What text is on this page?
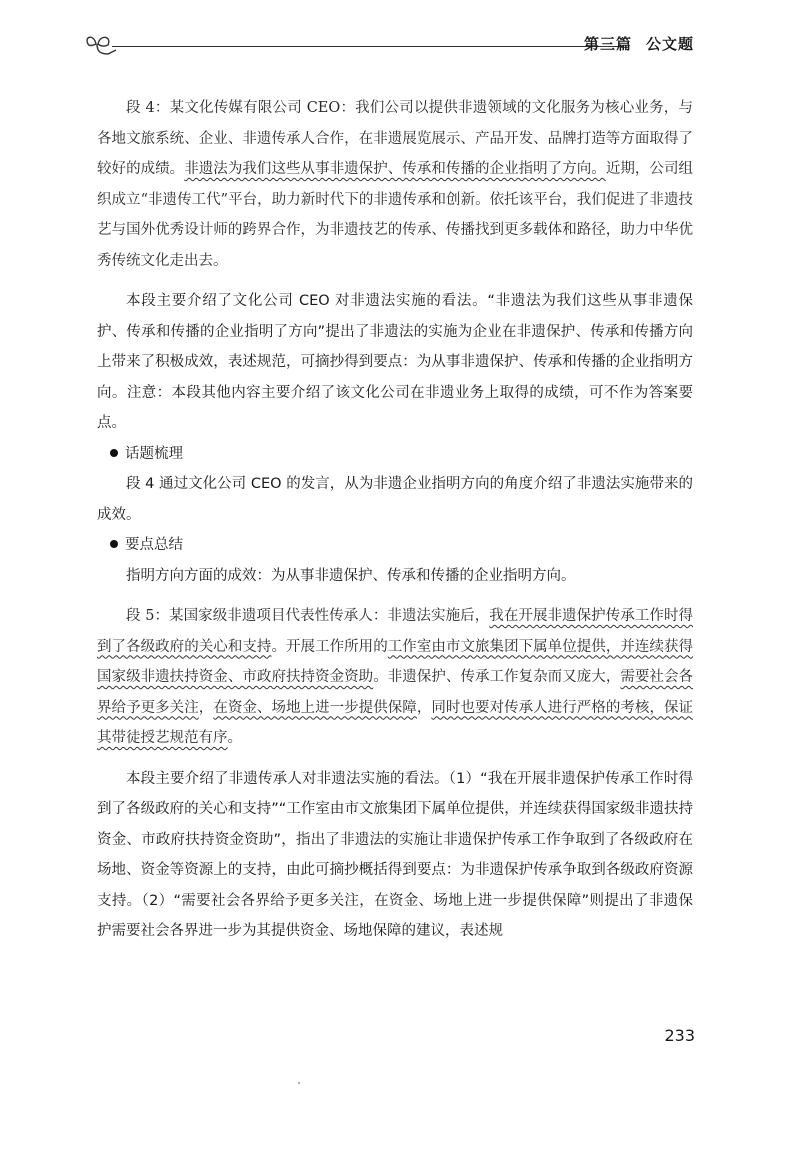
第三篇 公文题

段 4：某文化传媒有限公司 CEO：我们公司以提供非遗领域的文化服务为核心业务，与各地文旅系统、企业、非遗传承人合作，在非遗展览展示、产品开发、品牌打造等方面取得了较好的成绩。非遗法为我们这些从事非遗保护、传承和传播的企业指明了方向。近期，公司组织成立“非遗传工代”平台，助力新时代下的非遗传承和创新。依托该平台，我们促进了非遗技艺与国外优秀设计师的跨界合作，为非遗技艺的传承、传播找到更多载体和路径，助力中华优秀传统文化走出去。

本段主要介绍了文化公司 CEO 对非遗法实施的看法。“非遗法为我们这些从事非遗保护、传承和传播的企业指明了方向”提出了非遗法的实施为企业在非遗保护、传承和传播方向上带来了积极成效，表述规范，可摘抄得到要点：为从事非遗保护、传承和传播的企业指明方向。注意：本段其他内容主要介绍了该文化公司在非遗业务上取得的成绩，可不作为答案要点。

话题梳理

段 4 通过文化公司 CEO 的发言，从为非遗企业指明方向的角度介绍了非遗法实施带来的成效。

要点总结

指明方向方面的成效：为从事非遗保护、传承和传播的企业指明方向。

段 5：某国家级非遗项目代表性传承人：非遗法实施后，我在开展非遗保护传承工作时得到了各级政府的关心和支持。开展工作所用的工作室由市文旅集团下属单位提供，并连续获得国家级非遗扶持资金、市政府扶持资金资助。非遗保护、传承工作复杂而又庞大，需要社会各界给予更多关注，在资金、场地上进一步提供保障，同时也要对传承人进行严格的考核，保证其带徒授艺规范有序。

本段主要介绍了非遗传承人对非遗法实施的看法。（1）“我在开展非遗保护传承工作时得到了各级政府的关心和支持”“工作室由市文旅集团下属单位提供，并连续获得国家级非遗扶持资金、市政府扶持资金资助”，指出了非遗法的实施让非遗保护传承工作争取到了各级政府在场地、资金等资源上的支持，由此可摘抄概括得到要点：为非遗保护传承争取到各级政府资源支持。（2）“需要社会各界给予更多关注，在资金、场地上进一步提供保障”则提出了非遗保护需要社会各界进一步为其提供资金、场地保障的建议，表述规

233
